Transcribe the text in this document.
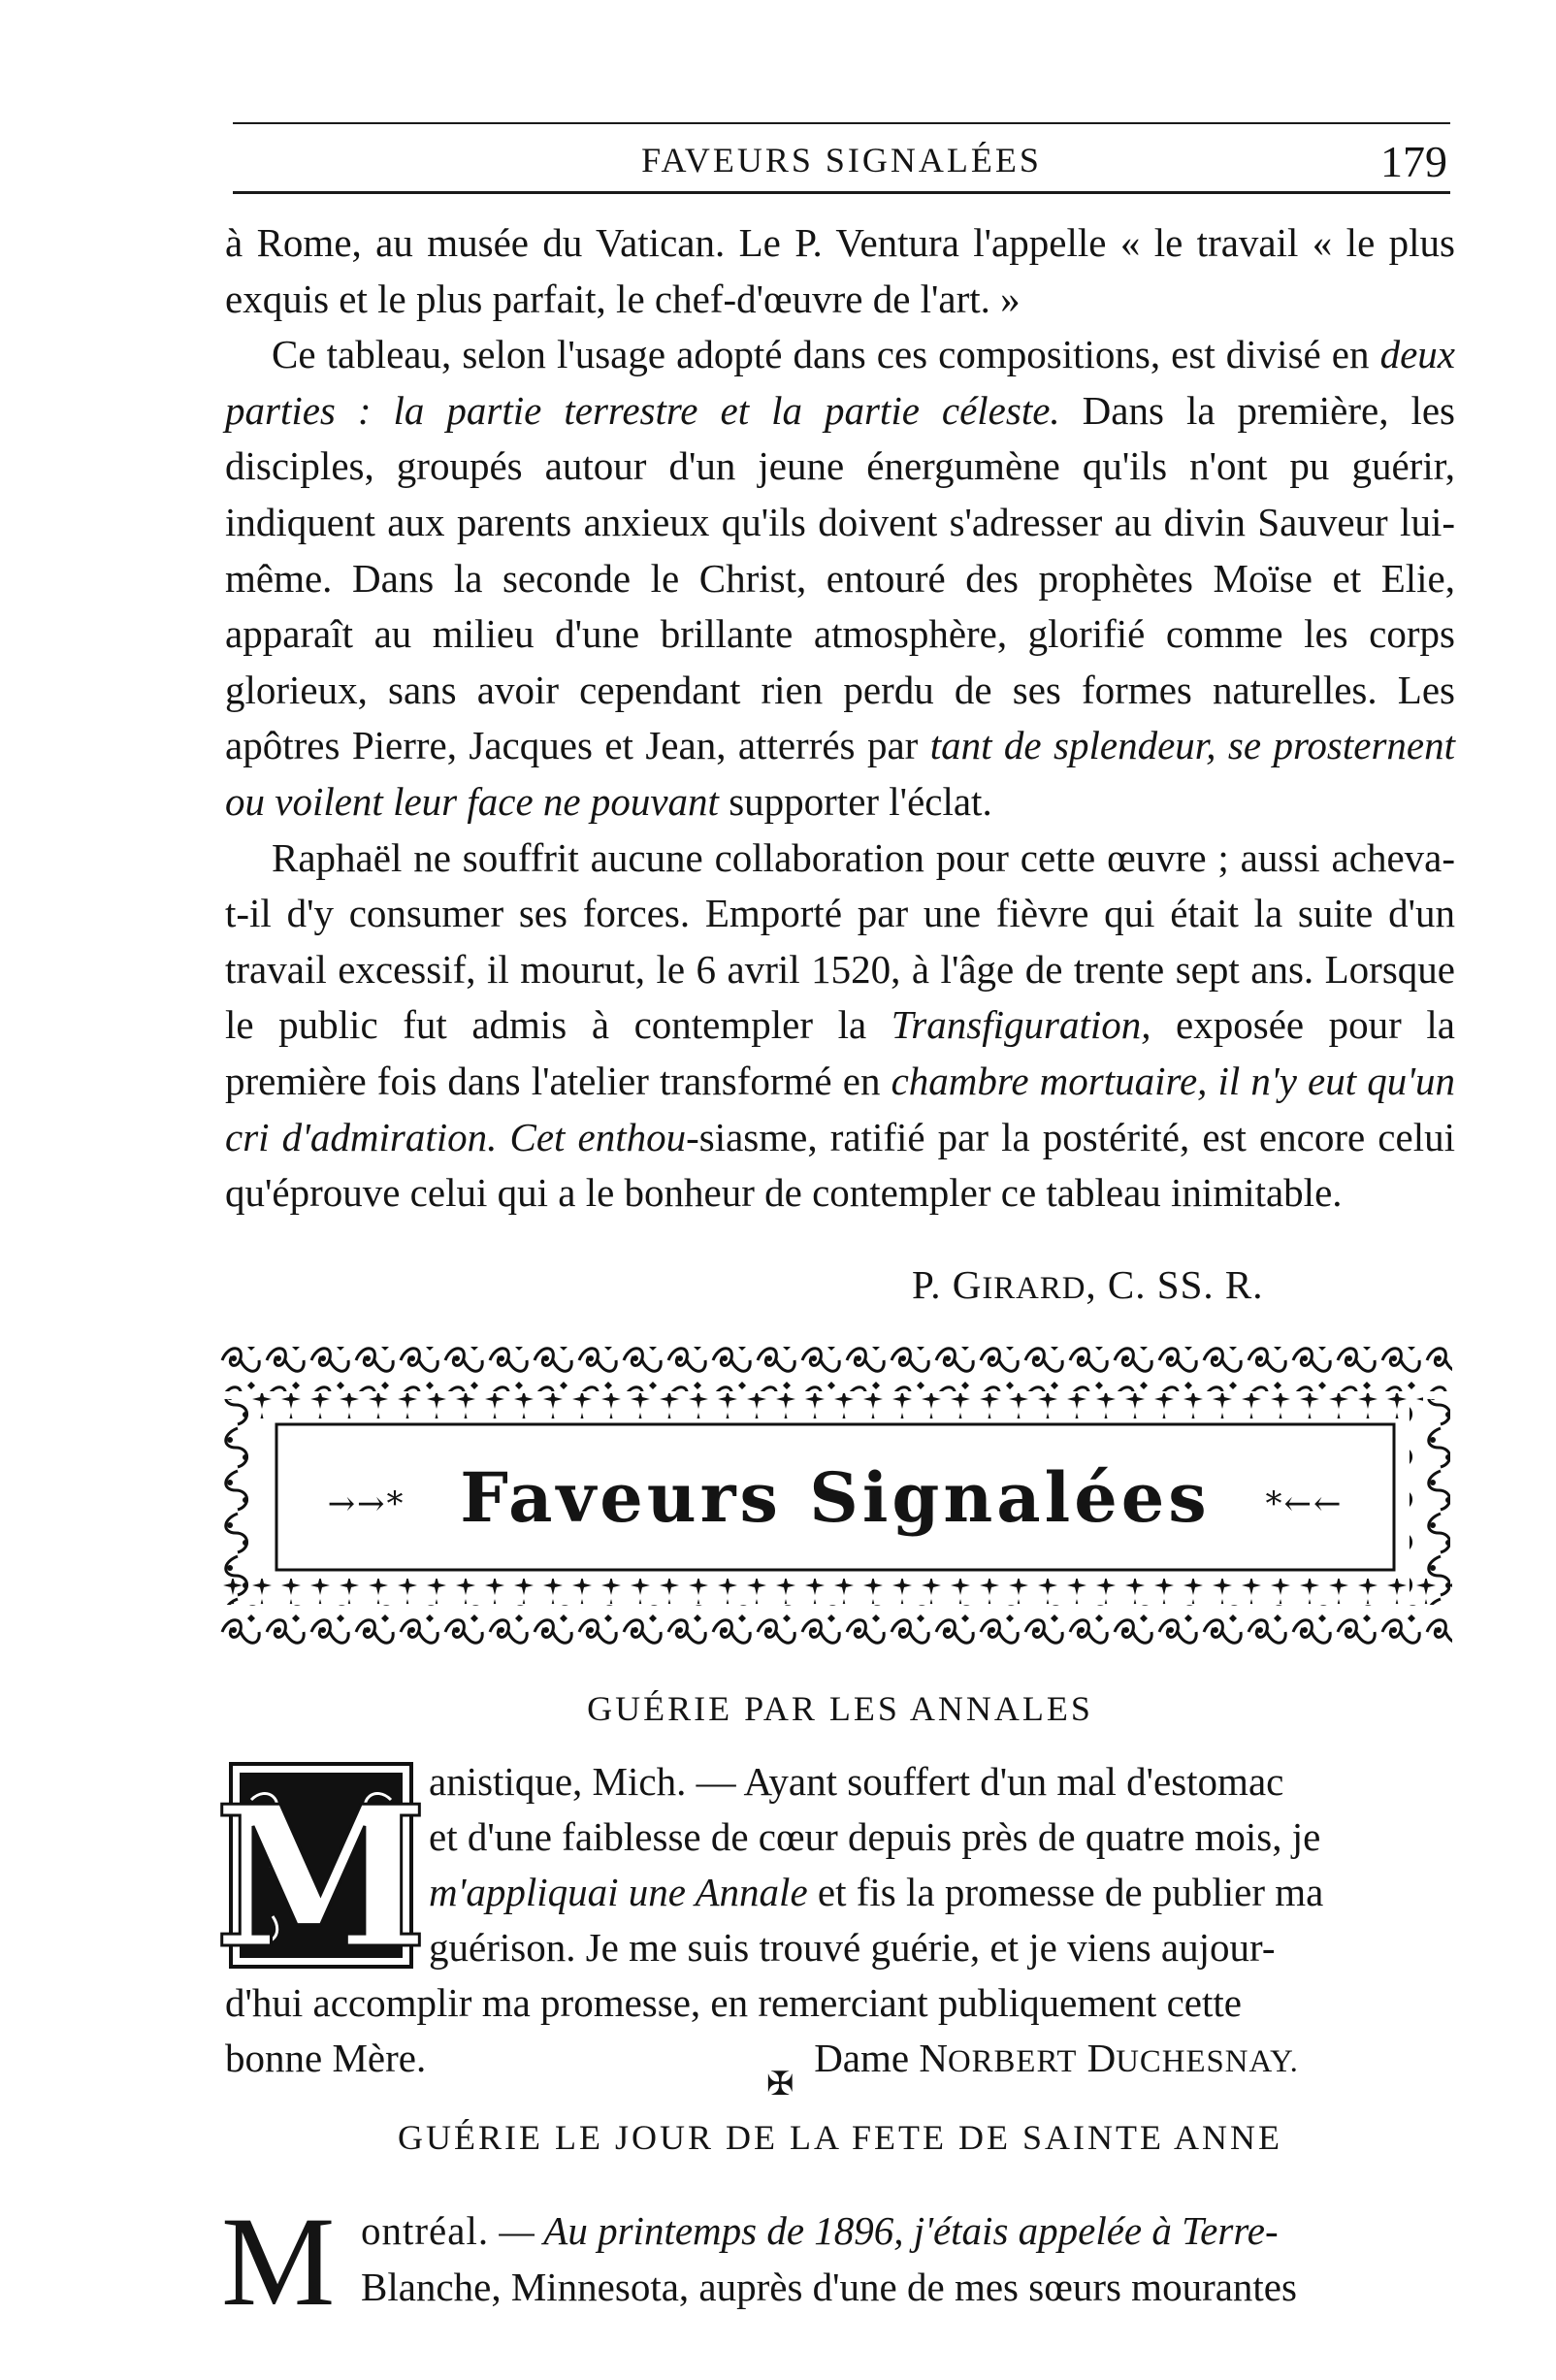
FAVEURS SIGNALÉES	179

à Rome, au musée du Vatican. Le P. Ventura l'appelle « le travail « le plus exquis et le plus parfait, le chef-d'œuvre de l'art. »

Ce tableau, selon l'usage adopté dans ces compositions, est divisé en deux parties : la partie terrestre et la partie céleste. Dans la première, les disciples, groupés autour d'un jeune énergumène qu'ils n'ont pu guérir, indiquent aux parents anxieux qu'ils doivent s'adresser au divin Sauveur lui-même. Dans la seconde le Christ, entouré des prophètes Moïse et Elie, apparaît au milieu d'une brillante atmosphère, glorifié comme les corps glorieux, sans avoir cependant rien perdu de ses formes naturelles. Les apôtres Pierre, Jacques et Jean, atterrés par tant de splendeur, se prosternent ou voilent leur face ne pouvant supporter l'éclat.

Raphaël ne souffrit aucune collaboration pour cette œuvre ; aussi acheva-t-il d'y consumer ses forces. Emporté par une fièvre qui était la suite d'un travail excessif, il mourut, le 6 avril 1520, à l'âge de trente sept ans. Lorsque le public fut admis à contempler la Transfiguration, exposée pour la première fois dans l'atelier transformé en chambre mortuaire, il n'y eut qu'un cri d'admiration. Cet enthou-siasme, ratifié par la postérité, est encore celui qu'éprouve celui qui a le bonheur de contempler ce tableau inimitable.

P. GIRARD, C. SS. R.
→→* Faveurs Signalées *←←
GUÉRIE PAR LES ANNALES
M anistique, Mich. — Ayant souffert d'un mal d'estomac
et d'une faiblesse de cœur depuis près de quatre mois, je
m'appliquai une Annale et fis la promesse de publier ma
guérison. Je me suis trouvé guérie, et je viens aujour-
d'hui accomplir ma promesse, en remerciant publiquement cette
bonne Mère.	Dame NORBERT DUCHESNAY.
✠
GUÉRIE LE JOUR DE LA FETE DE SAINTE ANNE
M ontréal. — Au printemps de 1896, j'étais appelée à Terre-
Blanche, Minnesota, auprès d'une de mes sœurs mourantes
